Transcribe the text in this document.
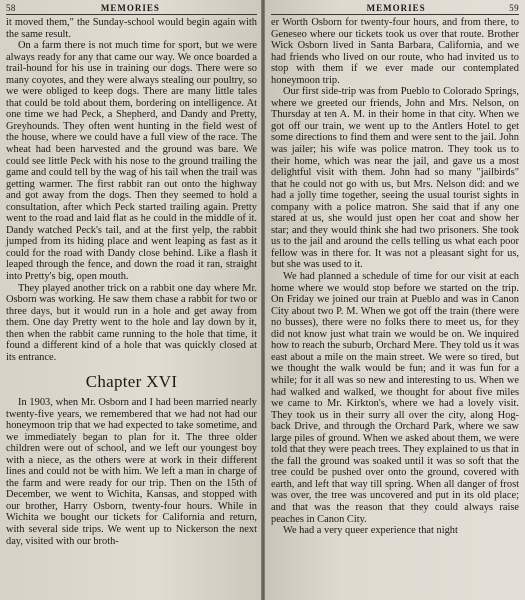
58	MEMORIES

it moved them," the Sunday-school would begin again with the same result.

On a farm there is not much time for sport, but we were always ready for any that came our way. We once boarded a trail-hound for his use in training our dogs. There were so many coyotes, and they were always stealing our poultry, so we were obliged to keep dogs. There are many little tales that could be told about them, bordering on intelligence. At one time we had Peck, a Shepherd, and Dandy and Pretty, Greyhounds. They often went hunting in the field west of the house, where we could have a full view of the race. The wheat had been harvested and the ground was bare. We could see little Peck with his nose to the ground trailing the game and could tell by the wag of his tail when the trail was getting warmer. The first rabbit ran out onto the highway and got away from the dogs. Then they seemed to hold a consultation, after which Peck started trailing again. Pretty went to the road and laid flat as he could in the middle of it. Dandy watched Peck's tail, and at the first yelp, the rabbit jumped from its hiding place and went leaping as fast as it could for the road with Dandy close behind. Like a flash it leaped through the fence, and down the road it ran, straight into Pretty's big, open mouth.

They played another trick on a rabbit one day where Mr. Osborn was working. He saw them chase a rabbit for two or three days, but it would run in a hole and get away from them. One day Pretty went to the hole and lay down by it, then when the rabbit came running to the hole that time, it found a different kind of a hole that was quickly closed at its entrance.

Chapter XVI

In 1903, when Mr. Osborn and I had been married nearly twenty-five years, we remembered that we had not had our honeymoon trip that we had expected to take sometime, and we immediately began to plan for it. The three older children were out of school, and we left our youngest boy with a niece, as the others were at work in their different lines and could not be with him. We left a man in charge of the farm and were ready for our trip. Then on the 15th of December, we went to Wichita, Kansas, and stopped with our brother, Harry Osborn, twenty-four hours. While in Wichita we bought our tickets for California and return, with several side trips. We went up to Nickerson the next day, visited with our broth-

MEMORIES	59

er Worth Osborn for twenty-four hours, and from there, to Geneseo where our tickets took us over that route. Brother Wick Osborn lived in Santa Barbara, California, and we had friends who lived on our route, who had invited us to stop with them if we ever made our contemplated honeymoon trip.

Our first side-trip was from Pueblo to Colorado Springs, where we greeted our friends, John and Mrs. Nelson, on Thursday at ten A. M. in their home in that city. When we got off our train, we went up to the Antlers Hotel to get some directions to find them and were sent to the jail. John was jailer; his wife was police matron. They took us to their home, which was near the jail, and gave us a most delightful visit with them. John had so many "jailbirds" that he could not go with us, but Mrs. Nelson did: and we had a jolly time together, seeing the usual tourist sights in company with a police matron. She said that if any one stared at us, she would just open her coat and show her star; and they would think she had two prisoners. She took us to the jail and around the cells telling us what each poor fellow was in there for. It was not a pleasant sight for us, but she was used to it.

We had planned a schedule of time for our visit at each home where we would stop before we started on the trip. On Friday we joined our train at Pueblo and was in Canon City about two P. M. When we got off the train (there were no busses), there were no folks there to meet us, for they did not know just what train we would be on. We inquired how to reach the suburb, Orchard Mere. They told us it was east about a mile on the main street. We were so tired, but we thought the walk would be fun; and it was fun for a while; for it all was so new and interesting to us. When we had walked and walked, we thought for about five miles we came to Mr. Kirkton's, where we had a lovely visit. They took us in their surry all over the city, along Hog-back Drive, and through the Orchard Park, where we saw large piles of ground. When we asked about them, we were told that they were peach trees. They explained to us that in the fall the ground was soaked until it was so soft that the tree could be pushed over onto the ground, covered with earth, and left that way till spring. When all danger of frost was over, the tree was uncovered and put in its old place; and that was the reason that they could always raise peaches in Canon City.

We had a very queer experience that night
